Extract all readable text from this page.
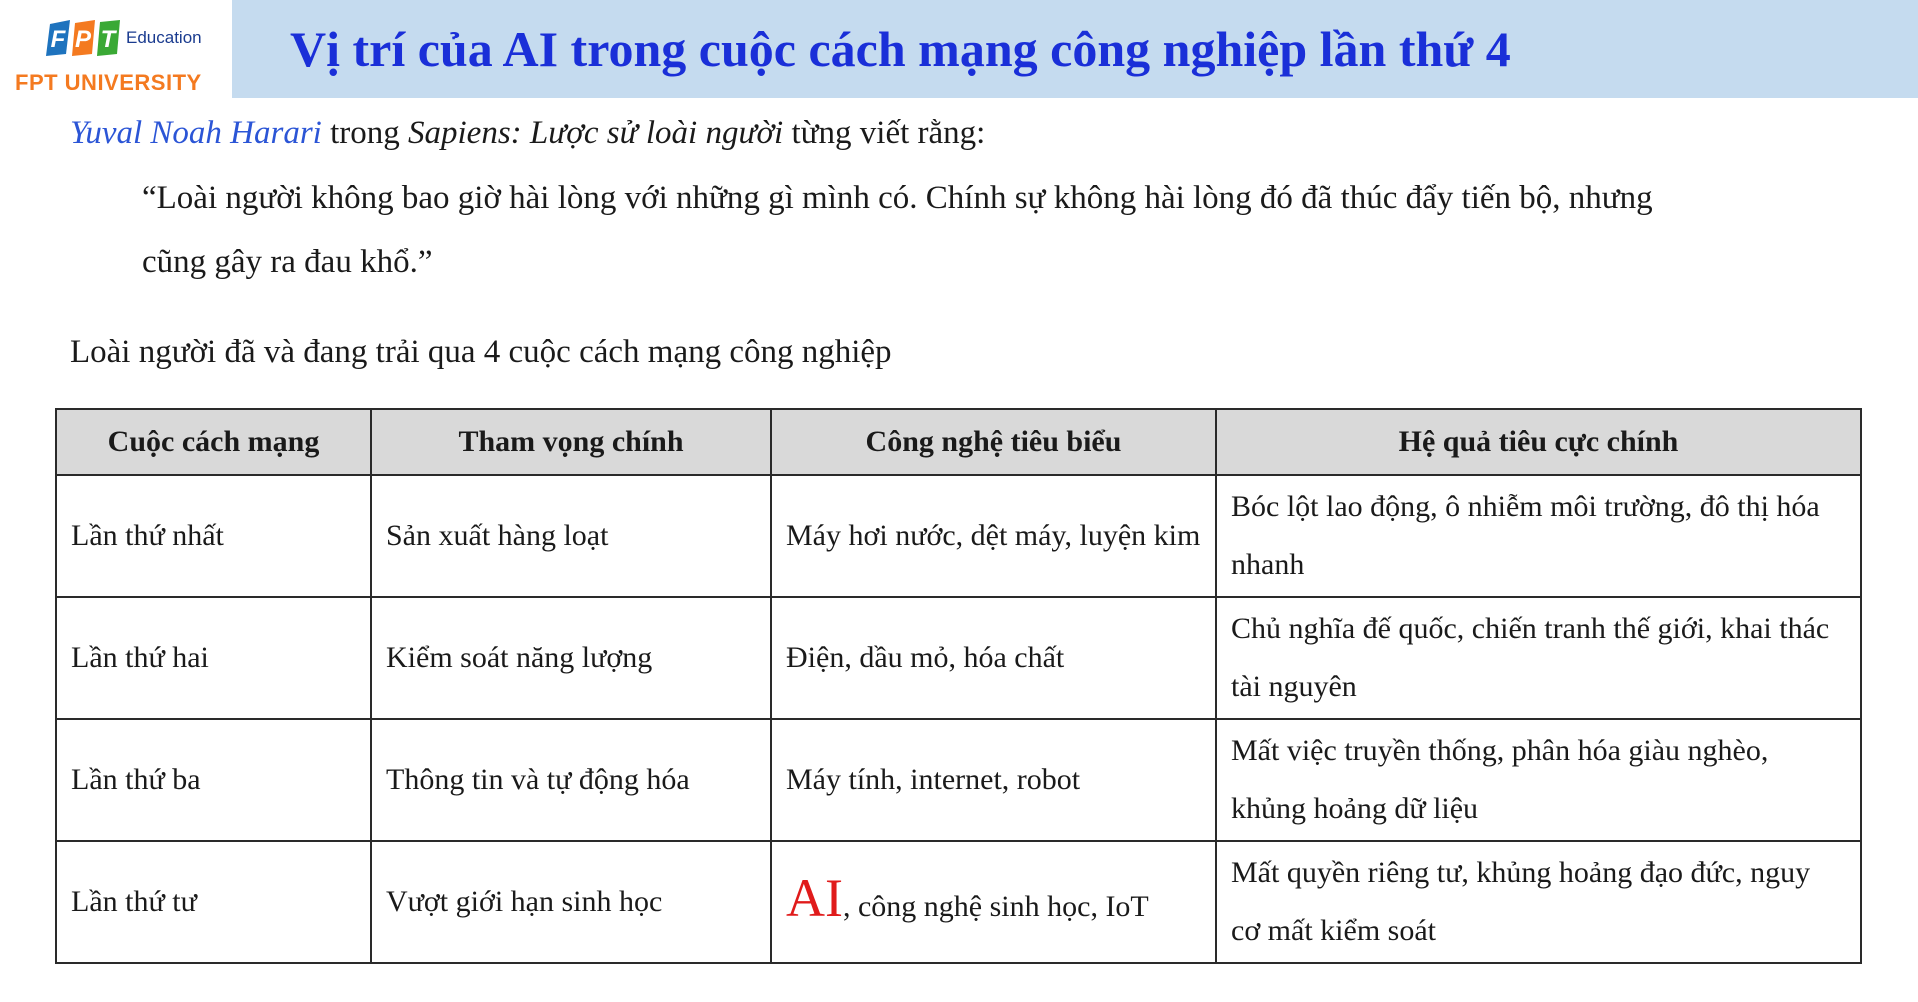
F P T Education
FPT UNIVERSITY
Vị trí của AI trong cuộc cách mạng công nghiệp lần thứ 4
Yuval Noah Harari trong Sapiens: Lược sử loài người từng viết rằng:
“Loài người không bao giờ hài lòng với những gì mình có. Chính sự không hài lòng đó đã thúc đẩy tiến bộ, nhưng
cũng gây ra đau khổ.”
Loài người đã và đang trải qua 4 cuộc cách mạng công nghiệp
Cuộc cách mạng	Tham vọng chính	Công nghệ tiêu biểu	Hệ quả tiêu cực chính
Lần thứ nhất	Sản xuất hàng loạt	Máy hơi nước, dệt máy, luyện kim	Bóc lột lao động, ô nhiễm môi trường, đô thị hóa nhanh
Lần thứ hai	Kiểm soát năng lượng	Điện, dầu mỏ, hóa chất	Chủ nghĩa đế quốc, chiến tranh thế giới, khai thác tài nguyên
Lần thứ ba	Thông tin và tự động hóa	Máy tính, internet, robot	Mất việc truyền thống, phân hóa giàu nghèo, khủng hoảng dữ liệu
Lần thứ tư	Vượt giới hạn sinh học	AI, công nghệ sinh học, IoT	Mất quyền riêng tư, khủng hoảng đạo đức, nguy cơ mất kiểm soát
